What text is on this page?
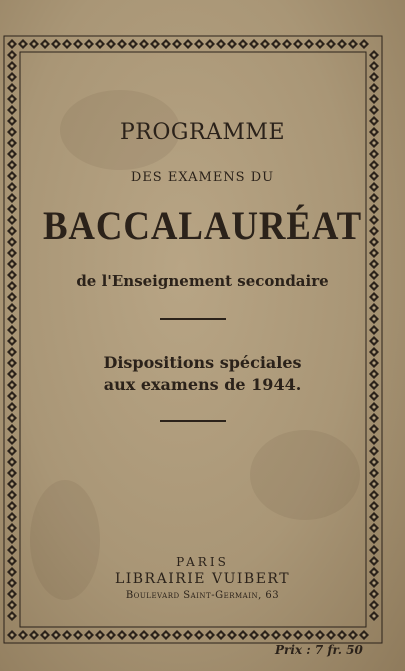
PROGRAMME
DES EXAMENS DU
BACCALAURÉAT
de l'Enseignement secondaire
Dispositions spéciales
aux examens de 1944.
PARIS
LIBRAIRIE VUIBERT
Boulevard Saint-Germain, 63
Prix : 7 fr. 50
